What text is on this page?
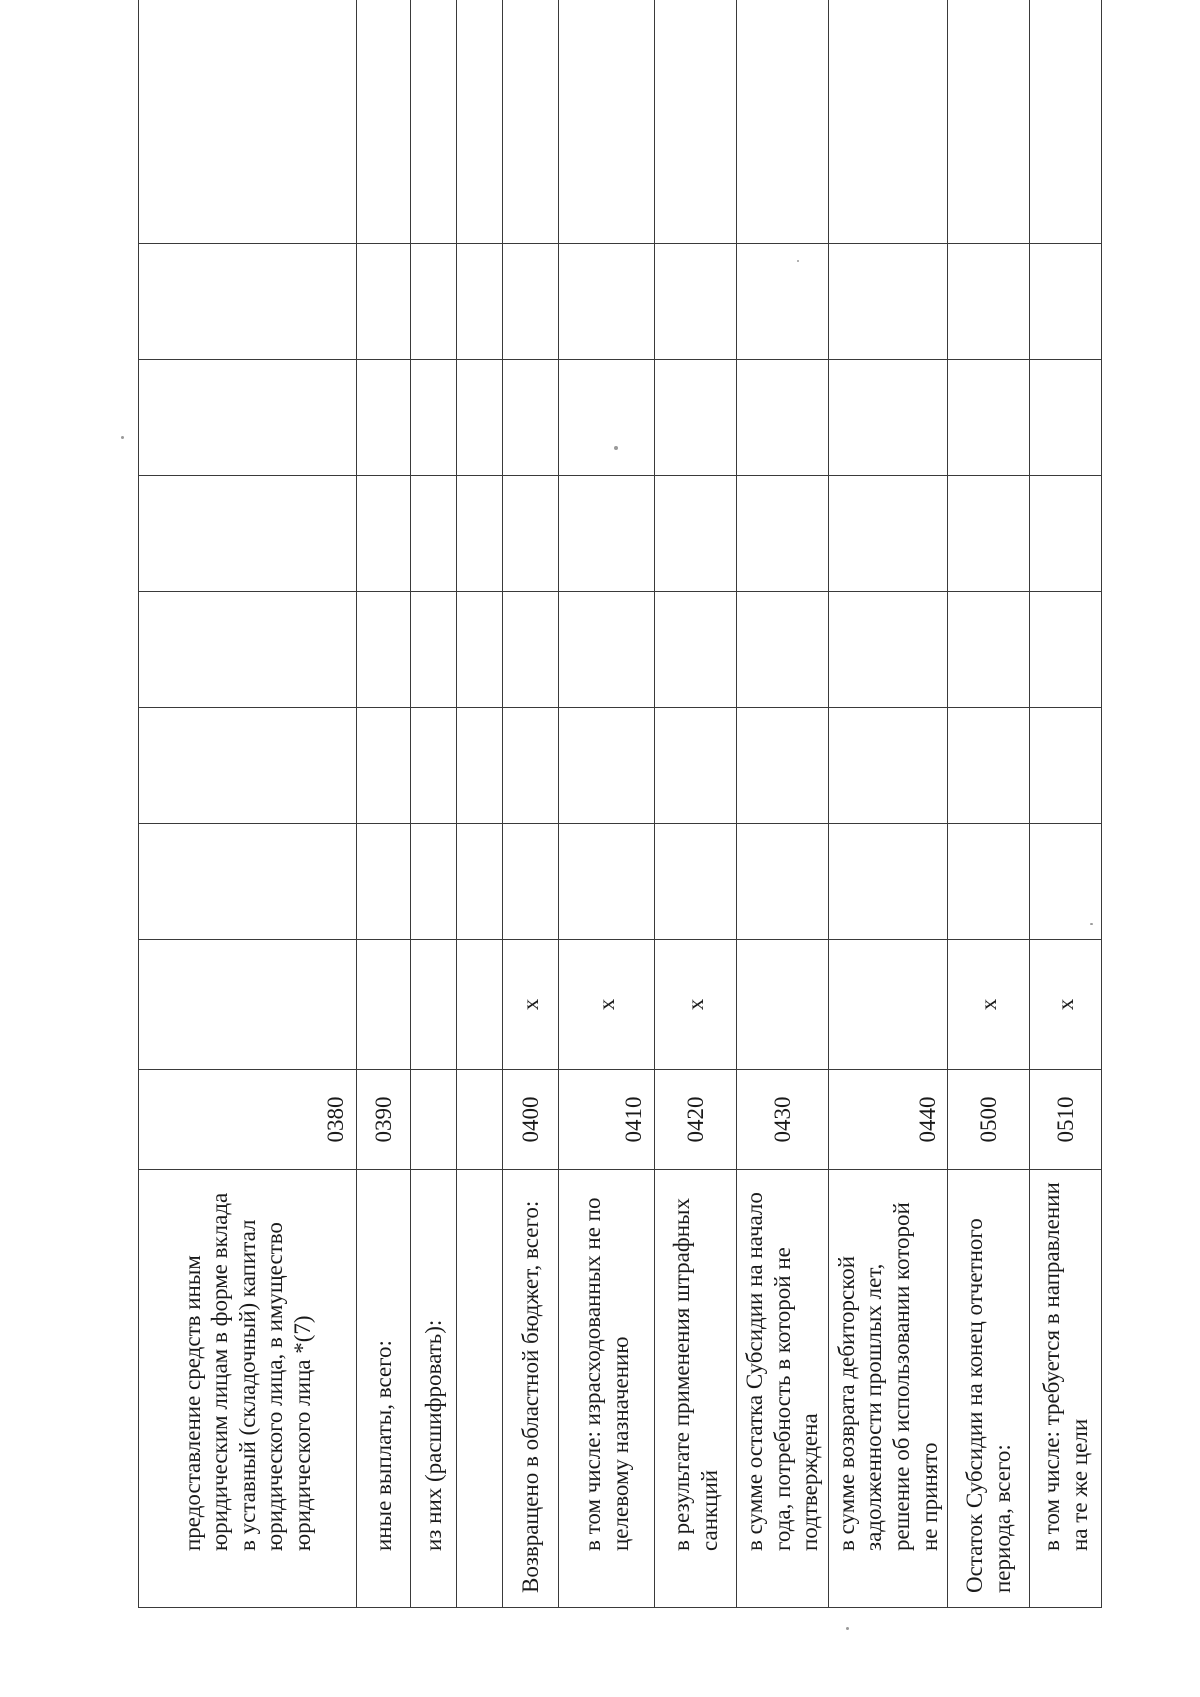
предоставление средств иным юридическим лицам в форме вклада в уставный (складочный) капитал юридического лица, в имущество юридического лица *(7)	0380								
иные выплаты, всего:	0390								
из них (расшифровать):									

Возвращено в областной бюджет, всего:	0400	х							
в том числе: израсходованных не по целевому назначению	0410	х							
в результате применения штрафных санкций	0420	х							
в сумме остатка Субсидии на начало года, потребность в которой не подтверждена	0430								
в сумме возврата дебиторской задолженности прошлых лет, решение об использовании которой не принято	0440								
Остаток Субсидии на конец отчетного периода, всего:	0500	х							
в том числе: требуется в направлении на те же цели	0510	х							
